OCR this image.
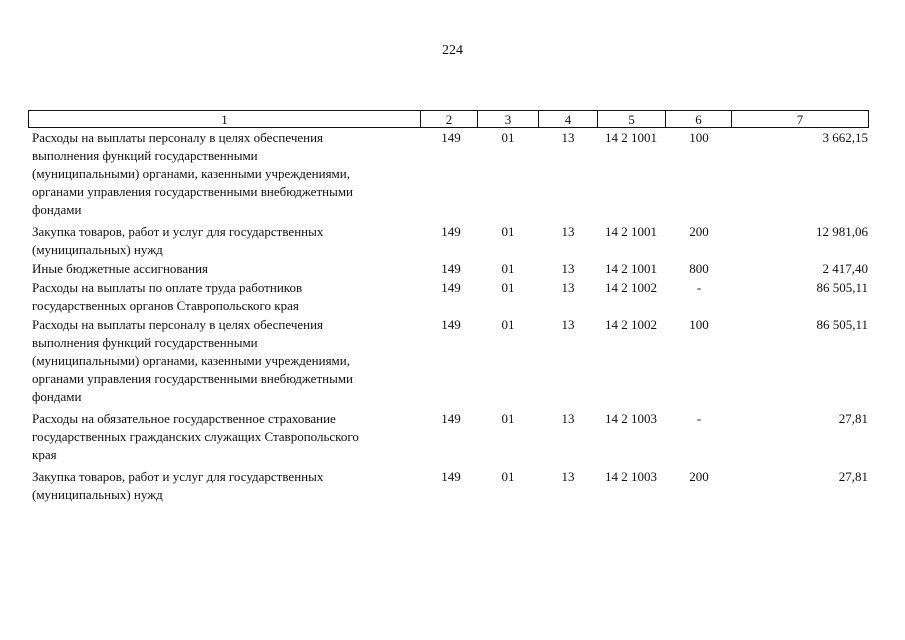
224
1	2	3	4	5	6	7
Расходы на выплаты персоналу в целях обеспечения
выполнения функций государственными
(муниципальными) органами, казенными учреждениями,
органами управления государственными внебюджетными
фондами
149	01	13	14 2 1001	100	3 662,15
Закупка товаров, работ и услуг для государственных
(муниципальных) нужд
149	01	13	14 2 1001	200	12 981,06
Иные бюджетные ассигнования	149	01	13	14 2 1001	800	2 417,40
Расходы на выплаты по оплате труда работников
государственных органов Ставропольского края
149	01	13	14 2 1002	-	86 505,11
Расходы на выплаты персоналу в целях обеспечения
выполнения функций государственными
(муниципальными) органами, казенными учреждениями,
органами управления государственными внебюджетными
фондами
149	01	13	14 2 1002	100	86 505,11
Расходы на обязательное государственное страхование
государственных гражданских служащих Ставропольского
края
149	01	13	14 2 1003	-	27,81
Закупка товаров, работ и услуг для государственных
(муниципальных) нужд
149	01	13	14 2 1003	200	27,81
